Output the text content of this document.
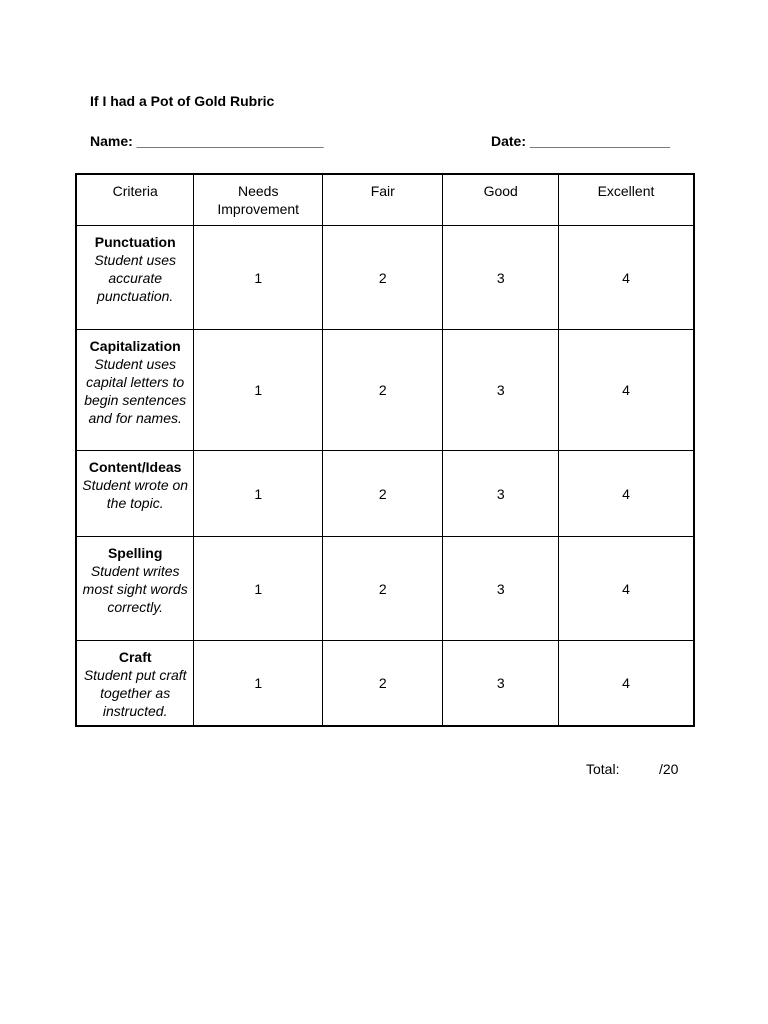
If I had a Pot of Gold Rubric
Name: ________________________	Date: __________________
Criteria	Needs Improvement	Fair	Good	Excellent

Punctuation
Student uses accurate punctuation.	1	2	3	4

Capitalization
Student uses capital letters to begin sentences and for names.	1	2	3	4

Content/Ideas
Student wrote on the topic.	1	2	3	4

Spelling
Student writes most sight words correctly.	1	2	3	4

Craft
Student put craft together as instructed.	1	2	3	4
Total:	/20
